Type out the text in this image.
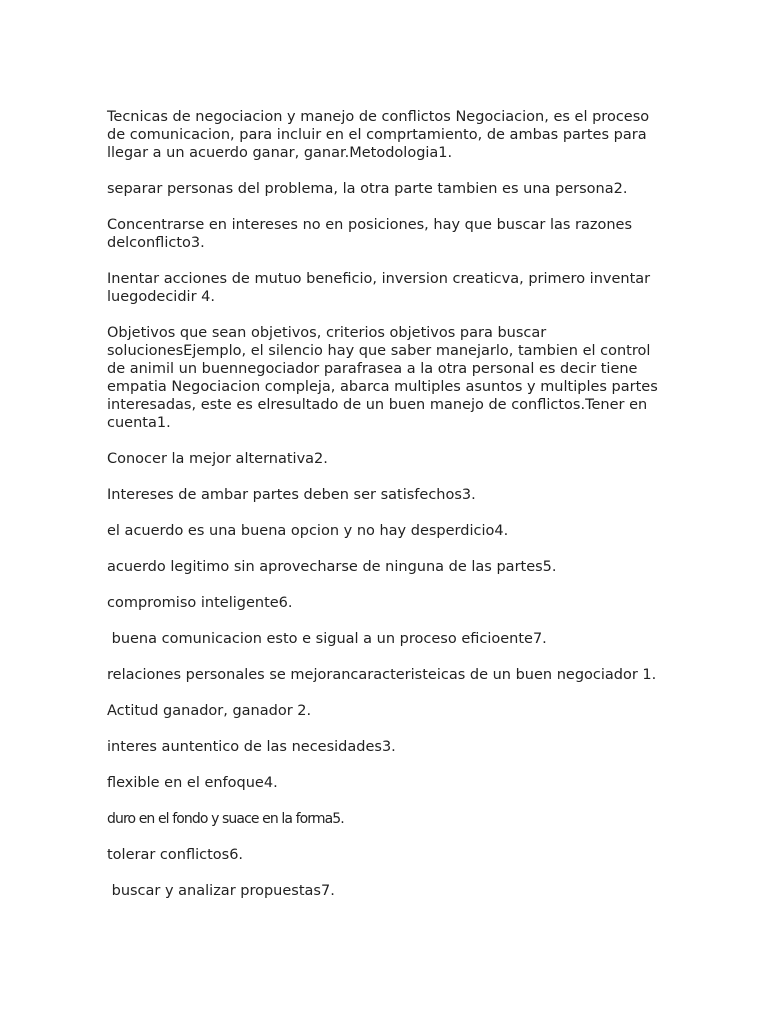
Tecnicas de negociacion y manejo de conflictos Negociacion, es el proceso de comunicacion, para incluir en el comprtamiento, de ambas partes para llegar a un acuerdo ganar, ganar.Metodologia1.

separar personas del problema, la otra parte tambien es una persona2.

Concentrarse en intereses no en posiciones, hay que buscar las razones delconflicto3.

Inentar acciones de mutuo beneficio, inversion creaticva, primero inventar luegodecidir 4.

Objetivos que sean objetivos, criterios objetivos para buscar solucionesEjemplo, el silencio hay que saber manejarlo, tambien el control de animil un buennegociador parafrasea a la otra personal es decir tiene empatia Negociacion compleja, abarca multiples asuntos y multiples partes interesadas, este es elresultado de un buen manejo de conflictos.Tener en cuenta1.

Conocer la mejor alternativa2.

Intereses de ambar partes deben ser satisfechos3.

el acuerdo es una buena opcion y no hay desperdicio4.

acuerdo legitimo sin aprovecharse de ninguna de las partes5.

compromiso inteligente6.

buena comunicacion esto e sigual a un proceso eficioente7.

relaciones personales se mejorancaracteristeicas de un buen negociador 1.

Actitud ganador, ganador 2.

interes auntentico de las necesidades3.

flexible en el enfoque4.

duro en el fondo y suace en la forma5.

tolerar conflictos6.

buscar y analizar propuestas7.
